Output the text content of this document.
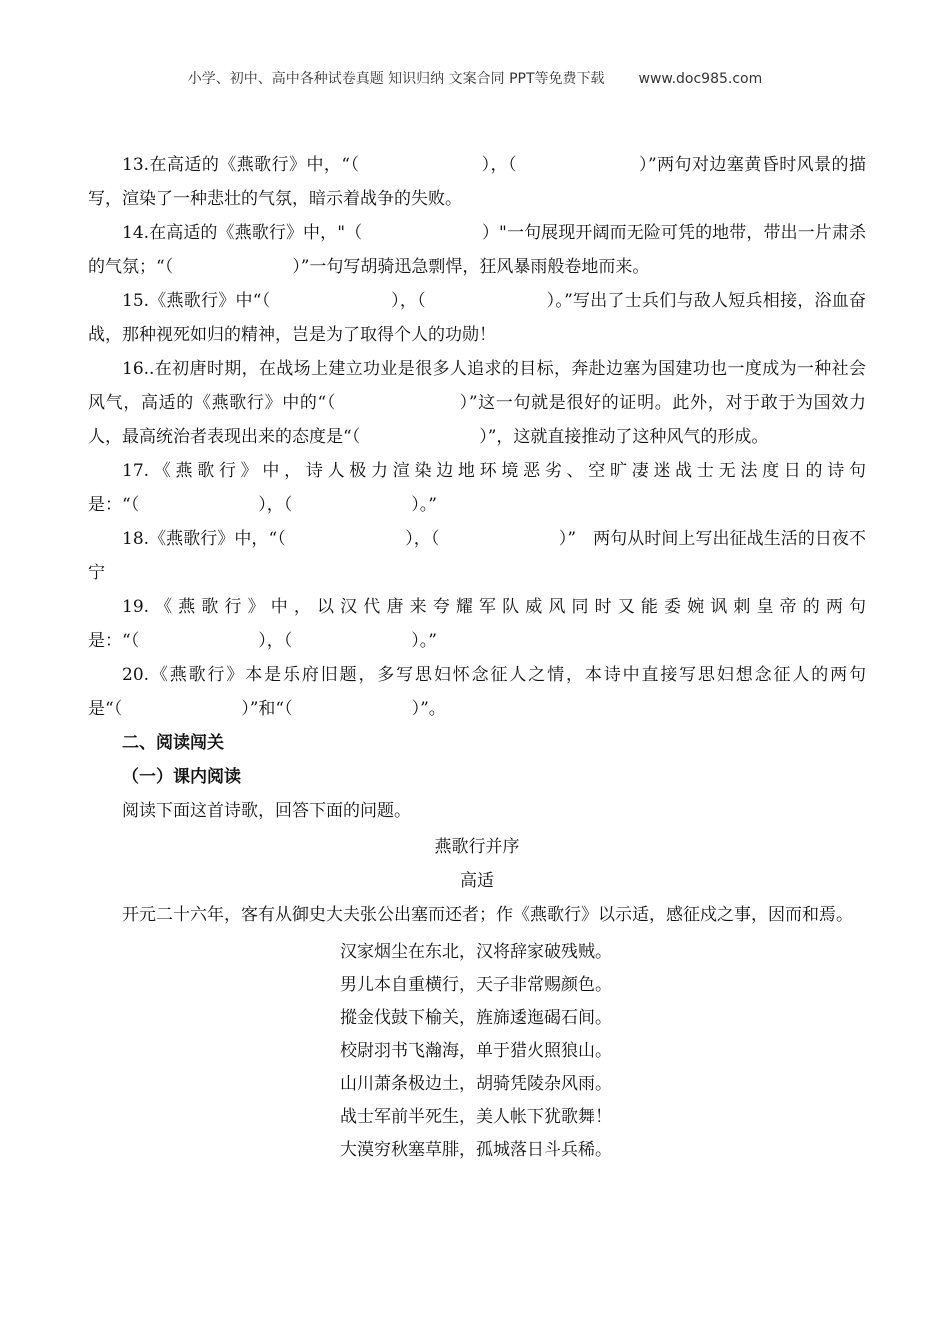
小学、初中、高中各种试卷真题 知识归纳 文案合同 PPT等免费下载 www.doc985.com

13.在高适的《燕歌行》中，“（　　　　　　　），（　　　　　　　）”两句对边塞黄昏时风景的描写，渲染了一种悲壮的气氛，暗示着战争的失败。

14.在高适的《燕歌行》中，"（　　　　　　　）"一句展现开阔而无险可凭的地带，带出一片肃杀的气氛；“（　　　　　　　）”一句写胡骑迅急剽悍，狂风暴雨般卷地而来。

15.《燕歌行》中“（　　　　　　　），（　　　　　　　）。”写出了士兵们与敌人短兵相接，浴血奋战，那种视死如归的精神，岂是为了取得个人的功勋！

16..在初唐时期，在战场上建立功业是很多人追求的目标，奔赴边塞为国建功也一度成为一种社会风气，高适的《燕歌行》中的“（　　　　　　　）”这一句就是很好的证明。此外，对于敢于为国效力人，最高统治者表现出来的态度是“（　　　　　　　）”，这就直接推动了这种风气的形成。

17.《燕歌行》中，诗人极力渲染边地环境恶劣、空旷凄迷战士无法度日的诗句是：“（　　　　　　　），（　　　　　　　）。”

18.《燕歌行》中，“（　　　　　　　），（　　　　　　　）”　两句从时间上写出征战生活的日夜不宁

19.《燕歌行》中，以汉代唐来夸耀军队威风同时又能委婉讽刺皇帝的两句是：“（　　　　　　　），（　　　　　　　）。”

20.《燕歌行》本是乐府旧题，多写思妇怀念征人之情，本诗中直接写思妇想念征人的两句是“（　　　　　　　）”和“（　　　　　　　）”。

二、阅读闯关

（一）课内阅读

阅读下面这首诗歌，回答下面的问题。

燕歌行并序

高适

开元二十六年，客有从御史大夫张公出塞而还者；作《燕歌行》以示适，感征戍之事，因而和焉。

汉家烟尘在东北，汉将辞家破残贼。
男儿本自重横行，天子非常赐颜色。
摐金伐鼓下榆关，旌旆逶迤碣石间。
校尉羽书飞瀚海，单于猎火照狼山。
山川萧条极边土，胡骑凭陵杂风雨。
战士军前半死生，美人帐下犹歌舞！
大漠穷秋塞草腓，孤城落日斗兵稀。
